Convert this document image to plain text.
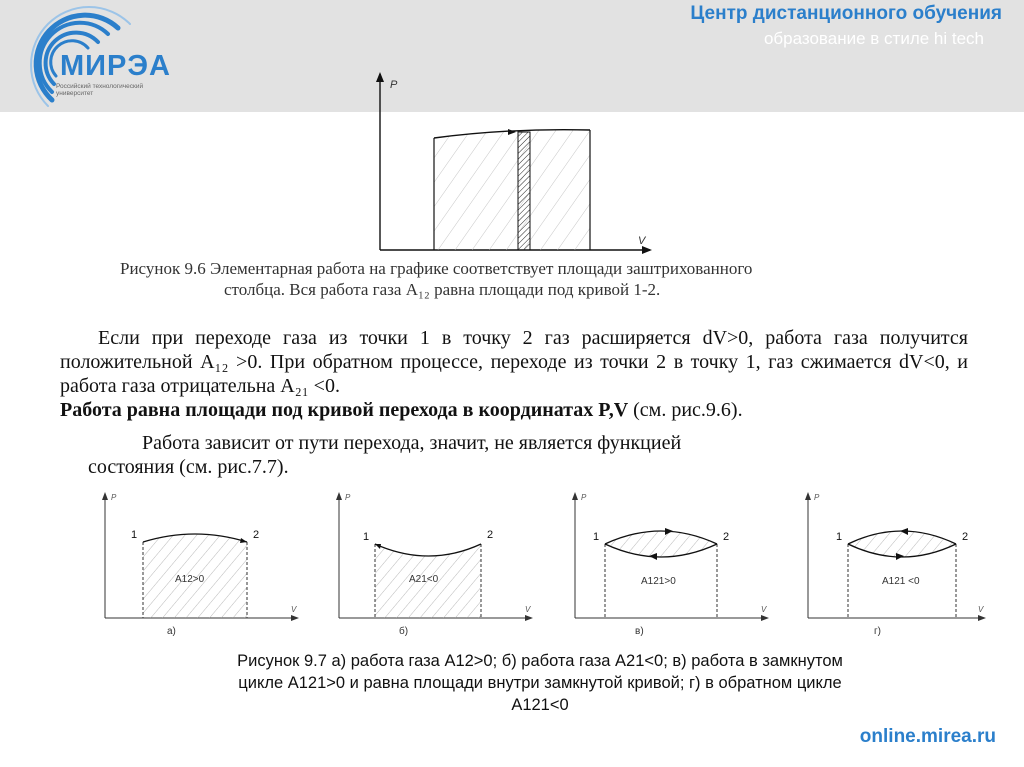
МИРЭА
Российский технологический университет
Центр дистанционного обучения
образование в стиле hi tech
P
V
Рисунок 9.6 Элементарная работа на графике соответствует площади заштрихованного
столбца. Вся работа газа A₁₂ равна площади под кривой 1-2.
Если при переходе газа из точки 1 в точку 2 газ расширяется dV>0, работа газа получится положительной A₁₂ >0. При обратном процессе, переходе из точки 2 в точку 1, газ сжимается dV<0, и работа газа отрицательна A₂₁ <0.
Работа равна площади под кривой перехода в координатах P,V (см. рис.9.6).
Работа зависит от пути перехода, значит, не является функцией
состояния (см. рис.7.7).
P
V
1	2
A12>0
а)
P
V
1	2
A21<0
б)
P
V
1	2
A121>0
в)
P
V
1	2
A121 <0
г)
Рисунок 9.7 а) работа газа A12>0; б) работа газа A21<0; в) работа в замкнутом
цикле A121>0 и равна площади внутри замкнутой кривой; г) в обратном цикле
A121<0
online.mirea.ru
